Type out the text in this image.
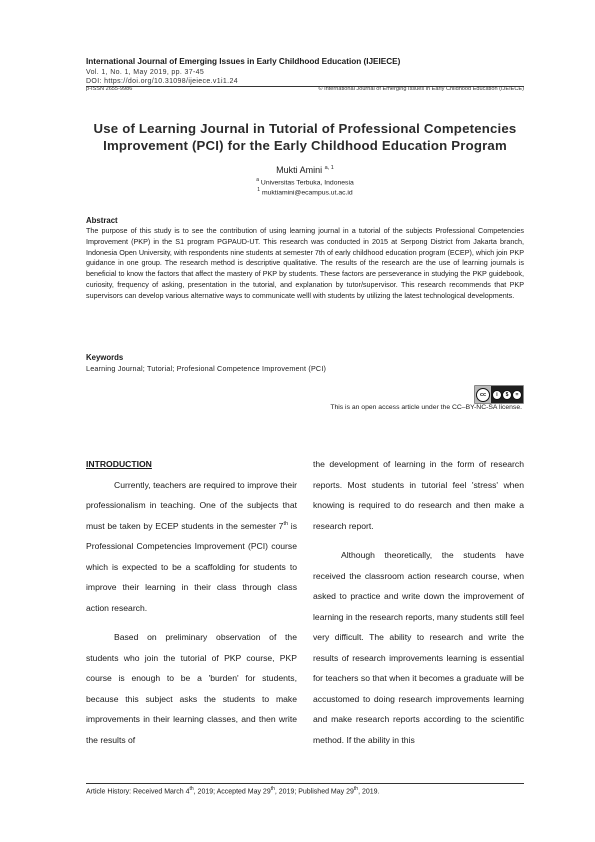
International Journal of Emerging Issues in Early Childhood Education (IJEIECE)
Vol. 1, No. 1, May 2019, pp. 37-45
DOI: https://doi.org/10.31098/ijeiece.v1i1.24
p-ISSN 2655-9986	© International Journal of Emerging Issues in Early Childhood Education (IJEIECE)
Use of Learning Journal in Tutorial of Professional Competencies
Improvement (PCI) for the Early Childhood Education Program
Mukti Amini $^{a, 1}$
$^a$ Universitas Terbuka, Indonesia
$^1$ muktiamini@ecampus.ut.ac.id
Abstract
The purpose of this study is to see the contribution of using learning journal in a tutorial of the subjects Professional Competencies Improvement (PKP) in the S1 program PGPAUD-UT. This research was conducted in 2015 at Serpong District from Jakarta branch, Indonesia Open University, with respondents nine students at semester 7th of early childhood education program (ECEP), which join PKP guidance in one group. The research method is descriptive qualitative. The results of the research are the use of learning journals is beneficial to know the factors that affect the mastery of PKP by students. These factors are perseverance in studying the PKP guidebook, curiosity, frequency of asking, presentation in the tutorial, and explanation by tutor/supervisor. This research recommends that PKP supervisors can develop various alternative ways to communicate welll with students by utilizing the latest technological developments.
Keywords
Learning Journal; Tutorial; Profesional Competence Improvement (PCI)
cc	i	$	=
This is an open access article under the CC–BY-NC-SA license.

INTRODUCTION

Currently, teachers are required to improve their professionalism in teaching. One of the subjects that must be taken by ECEP students in the semester 7th is Professional Competencies Improvement (PCI) course which is expected to be a scaffolding for students to improve their learning in their class through class action research.

Based on preliminary observation of the students who join the tutorial of PKP course, PKP course is enough to be a 'burden' for students, because this subject asks the students to make improvements in their learning classes, and then write the results of

the development of learning in the form of research reports. Most students in tutorial feel 'stress' when knowing is required to do research and then make a research report.

Although theoretically, the students have received the classroom action research course, when asked to practice and write down the improvement of learning in the research reports, many students still feel very difficult. The ability to research and write the results of research improvements learning is essential for teachers so that when it becomes a graduate will be accustomed to doing research improvements learning and make research reports according to the scientific method. If the ability in this

Article History: Received March 4th, 2019; Accepted May 29th, 2019; Published May 29th, 2019.
